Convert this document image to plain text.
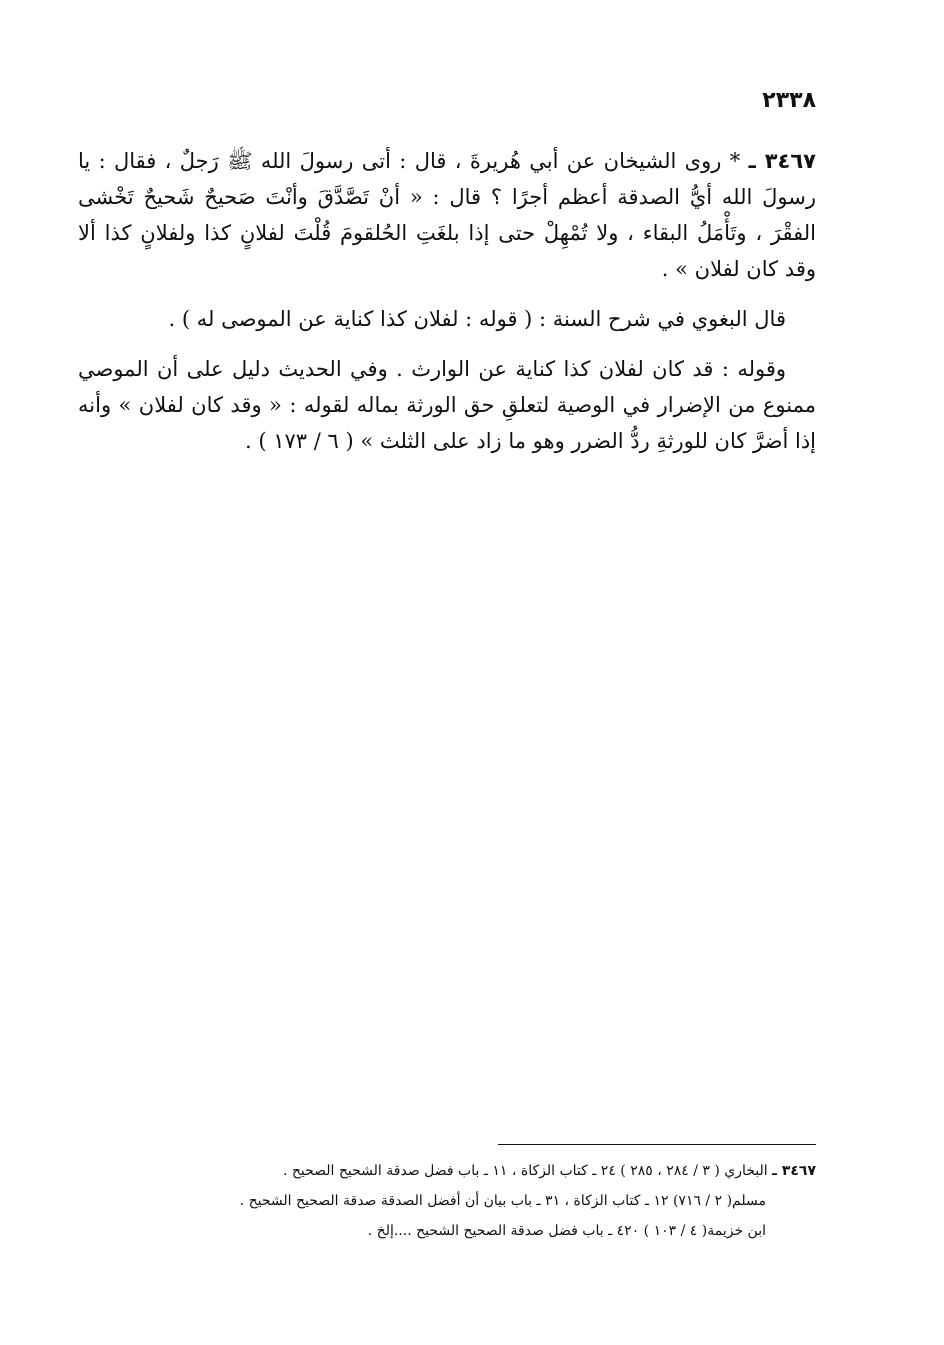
٢٣٣٨

٣٤٦٧ ـ * روى الشيخان عن أبي هُريرةَ ، قال : أتى رسولَ الله ﷺ رَجلٌ ، فقال : يا رسولَ الله أيُّ الصدقة أعظم أجرًا ؟ قال : « أنْ تَصَّدَّقَ وأنْتَ صَحيحٌ شَحيحٌ تَخْشى الفقْرَ ، وتَأْمَلُ البقاء ، ولا تُمْهِلْ حتى إذا بلغَتِ الحُلقومَ قُلْتَ لفلانٍ كذا ولفلانٍ كذا ألا وقد كان لفلان » .

قال البغوي في شرح السنة : ( قوله : لفلان كذا كناية عن الموصى له ) .

وقوله : قد كان لفلان كذا كناية عن الوارث . وفي الحديث دليل على أن الموصي ممنوع من الإضرار في الوصية لتعلقِ حق الورثة بماله لقوله : « وقد كان لفلان » وأنه إذا أضرَّ كان للورثةِ ردُّ الضرر وهو ما زاد على الثلث » ( ٦ / ١٧٣ ) .

٣٤٦٧ ـ البخاري ( ٣ / ٢٨٤ ، ٢٨٥ ) ٢٤ ـ كتاب الزكاة ، ١١ ـ باب فضل صدقة الشحيح الصحيح .
مسلم( ٢ / ٧١٦) ١٢ ـ كتاب الزكاة ، ٣١ ـ باب بيان أن أفضل الصدقة صدقة الصحيح الشحيح .
ابن خزيمة( ٤ / ١٠٣ ) ٤٢٠ ـ باب فضل صدقة الصحيح الشحيح ....إلخ .
